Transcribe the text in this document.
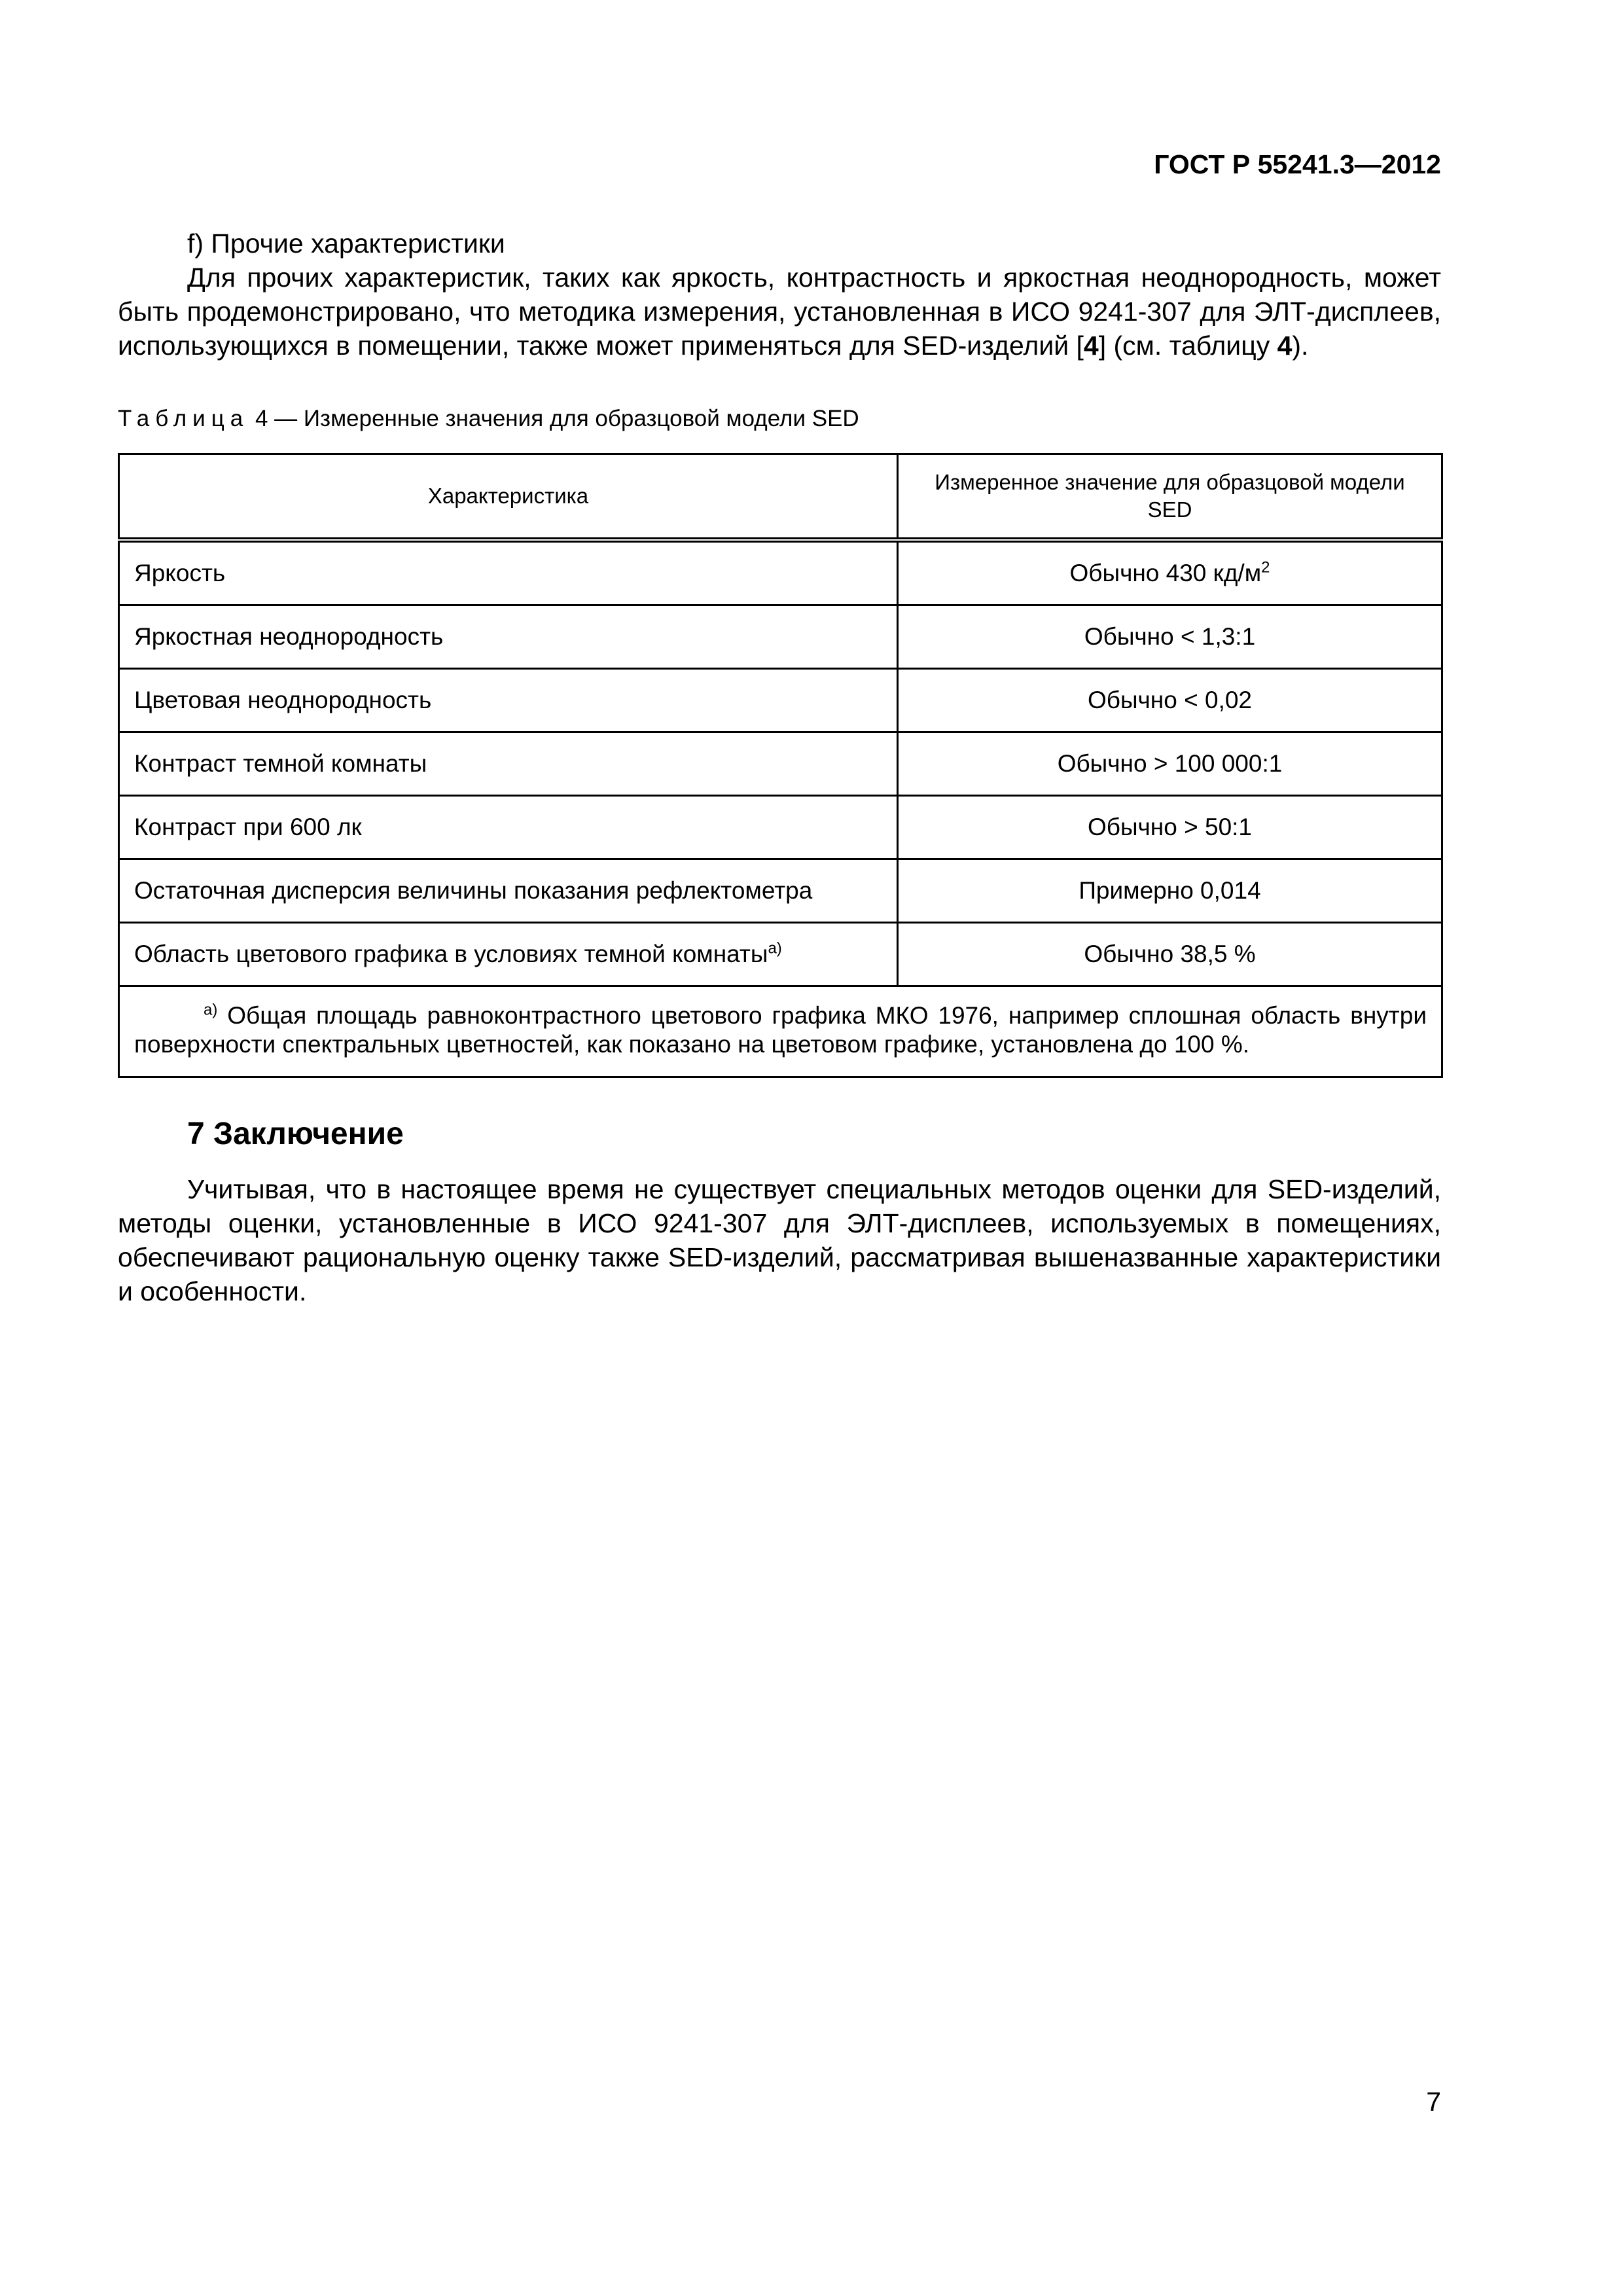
ГОСТ Р 55241.3—2012

f) Прочие характеристики

Для прочих характеристик, таких как яркость, контрастность и яркостная неоднородность, может быть продемонстрировано, что методика измерения, установленная в ИСО 9241-307 для ЭЛТ-дисплеев, использующихся в помещении, также может применяться для SED-изделий [4] (см. таблицу 4).

Таблица 4 — Измеренные значения для образцовой модели SED
Характеристика	Измеренное значение для образцовой модели SED
Яркость	Обычно 430 $кд/м^2$
Яркостная неоднородность	Обычно < 1,3:1
Цветовая неоднородность	Обычно < 0,02
Контраст темной комнаты	Обычно > 100 000:1
Контраст при 600 лк	Обычно > 50:1
Остаточная дисперсия величины показания рефлектометра	Примерно 0,014
Область цветового графика в условиях темной комнаты$^{а)}$	Обычно 38,5 %
$^{а)}$ Общая площадь равноконтрастного цветового графика МКО 1976, например сплошная область внутри поверхности спектральных цветностей, как показано на цветовом графике, установлена до 100 %.	
7 Заключение

Учитывая, что в настоящее время не существует специальных методов оценки для SED-изделий, методы оценки, установленные в ИСО 9241-307 для ЭЛТ-дисплеев, используемых в помещениях, обеспечивают рациональную оценку также SED-изделий, рассматривая вышеназванные характеристики и особенности.

7
